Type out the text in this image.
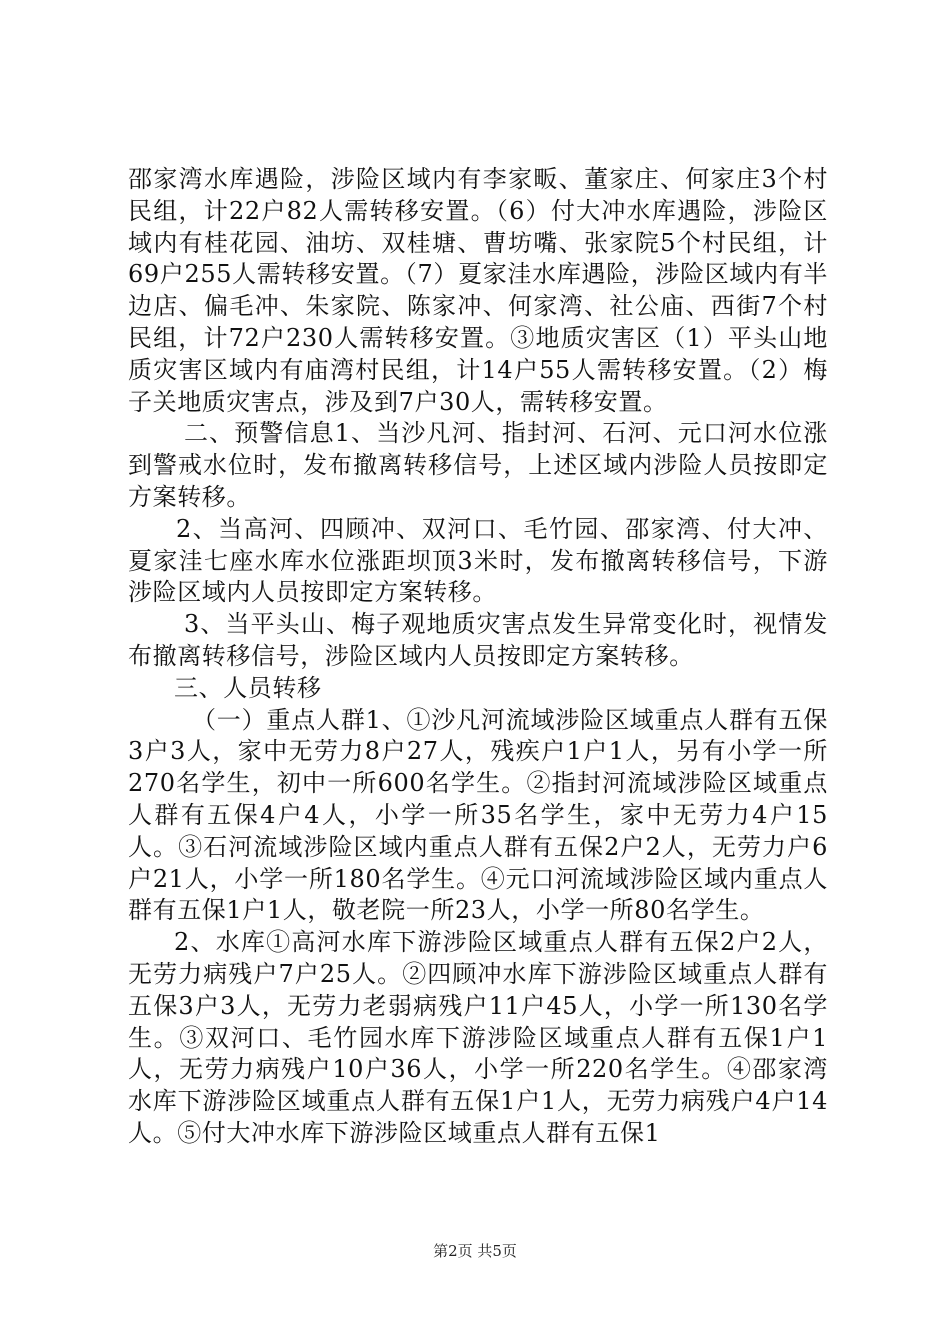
邵家湾水库遇险，涉险区域内有李家畈、董家庄、何家庄3个村民组，计22户82人需转移安置。（6）付大冲水库遇险，涉险区域内有桂花园、油坊、双桂塘、曹坊嘴、张家院5个村民组，计69户255人需转移安置。（7）夏家洼水库遇险，涉险区域内有半边店、偏毛冲、朱家院、陈家冲、何家湾、社公庙、西街7个村民组，计72户230人需转移安置。③地质灾害区（1）平头山地质灾害区域内有庙湾村民组，计14户55人需转移安置。（2）梅子关地质灾害点，涉及到7户30人，需转移安置。

二、预警信息1、当沙凡河、指封河、石河、元口河水位涨到警戒水位时，发布撤离转移信号，上述区域内涉险人员按即定方案转移。

2、当高河、四顾冲、双河口、毛竹园、邵家湾、付大冲、夏家洼七座水库水位涨距坝顶3米时，发布撤离转移信号，下游涉险区域内人员按即定方案转移。

3、当平头山、梅子观地质灾害点发生异常变化时，视情发布撤离转移信号，涉险区域内人员按即定方案转移。

三、人员转移

（一）重点人群1、①沙凡河流域涉险区域重点人群有五保3户3人，家中无劳力8户27人，残疾户1户1人，另有小学一所270名学生，初中一所600名学生。②指封河流域涉险区域重点人群有五保4户4人，小学一所35名学生，家中无劳力4户15人。③石河流域涉险区域内重点人群有五保2户2人，无劳力户6户21人，小学一所180名学生。④元口河流域涉险区域内重点人群有五保1户1人，敬老院一所23人，小学一所80名学生。

2、水库①高河水库下游涉险区域重点人群有五保2户2人，无劳力病残户7户25人。②四顾冲水库下游涉险区域重点人群有五保3户3人，无劳力老弱病残户11户45人，小学一所130名学生。③双河口、毛竹园水库下游涉险区域重点人群有五保1户1人，无劳力病残户10户36人，小学一所220名学生。④邵家湾水库下游涉险区域重点人群有五保1户1人，无劳力病残户4户14人。⑤付大冲水库下游涉险区域重点人群有五保1

第2页 共5页
